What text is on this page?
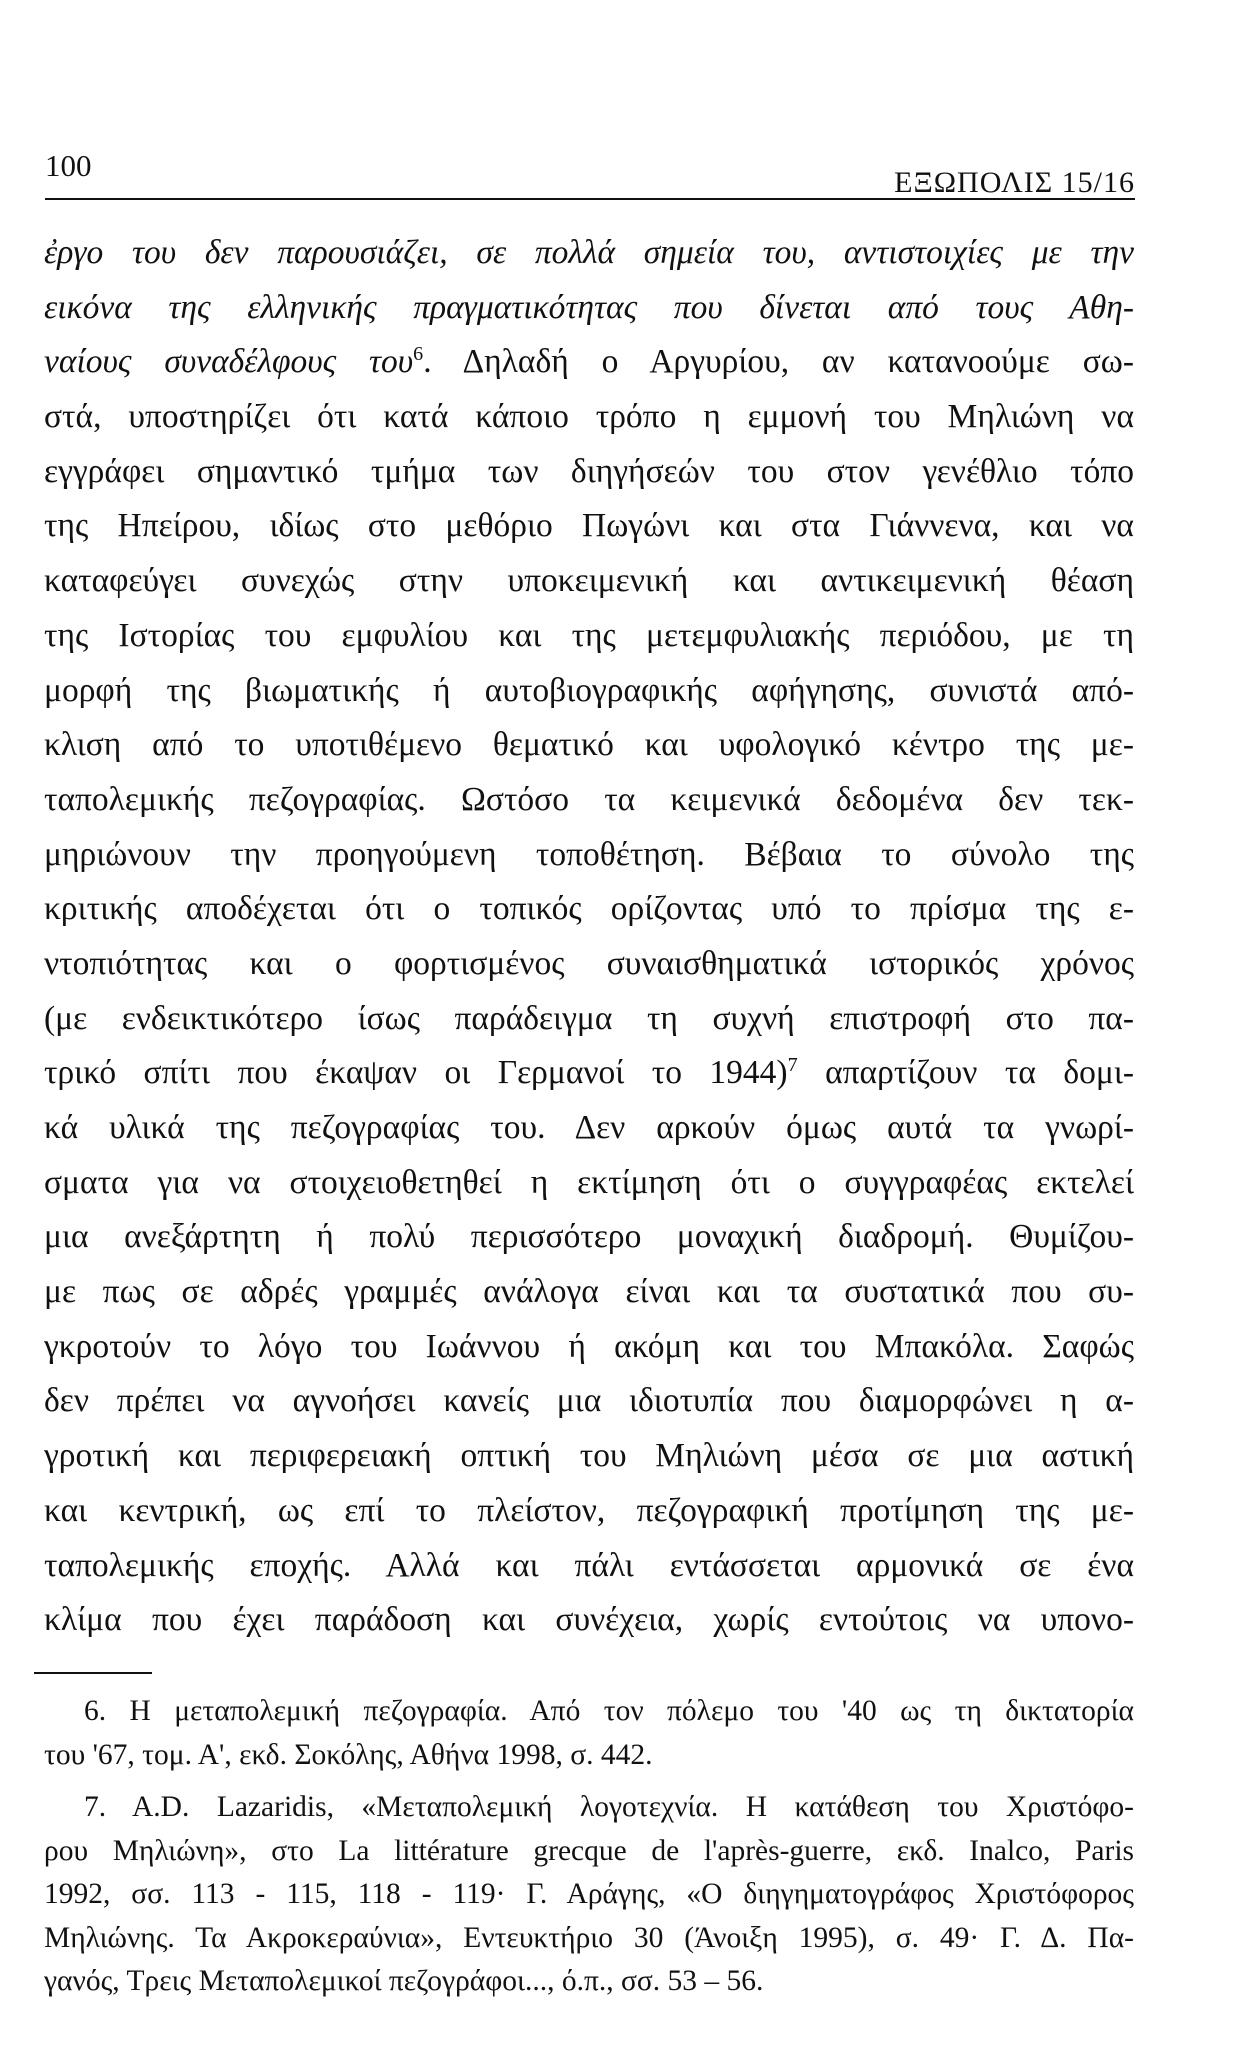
100	ΕΞΩΠΟΛΙΣ 15/16
ἐργο του δεν παρουσιάζει, σε πολλά σημεία του, αντιστοιχίες με την
εικόνα της ελληνικής πραγματικότητας που δίνεται από τους Αθη-
ναίους συναδέλφους του$^6$. Δηλαδή ο Αργυρίου, αν κατανοούμε σω-
στά, υποστηρίζει ότι κατά κάποιο τρόπο η εμμονή του Μηλιώνη να
εγγράφει σημαντικό τμήμα των διηγήσεών του στον γενέθλιο τόπο
της Ηπείρου, ιδίως στο μεθόριο Πωγώνι και στα Γιάννενα, και να
καταφεύγει συνεχώς στην υποκειμενική και αντικειμενική θέαση
της Ιστορίας του εμφυλίου και της μετεμφυλιακής περιόδου, με τη
μορφή της βιωματικής ή αυτοβιογραφικής αφήγησης, συνιστά από-
κλιση από το υποτιθέμενο θεματικό και υφολογικό κέντρο της με-
ταπολεμικής πεζογραφίας. Ωστόσο τα κειμενικά δεδομένα δεν τεκ-
μηριώνουν την προηγούμενη τοποθέτηση. Βέβαια το σύνολο της
κριτικής αποδέχεται ότι ο τοπικός ορίζοντας υπό το πρίσμα της ε-
ντοπιότητας και ο φορτισμένος συναισθηματικά ιστορικός χρόνος
(με ενδεικτικότερο ίσως παράδειγμα τη συχνή επιστροφή στο πα-
τρικό σπίτι που έκαψαν οι Γερμανοί το 1944)$^7$ απαρτίζουν τα δομι-
κά υλικά της πεζογραφίας του. Δεν αρκούν όμως αυτά τα γνωρί-
σματα για να στοιχειοθετηθεί η εκτίμηση ότι ο συγγραφέας εκτελεί
μια ανεξάρτητη ή πολύ περισσότερο μοναχική διαδρομή. Θυμίζου-
με πως σε αδρές γραμμές ανάλογα είναι και τα συστατικά που συ-
γκροτούν το λόγο του Ιωάννου ή ακόμη και του Μπακόλα. Σαφώς
δεν πρέπει να αγνοήσει κανείς μια ιδιοτυπία που διαμορφώνει η α-
γροτική και περιφερειακή οπτική του Μηλιώνη μέσα σε μια αστική
και κεντρική, ως επί το πλείστον, πεζογραφική προτίμηση της με-
ταπολεμικής εποχής. Αλλά και πάλι εντάσσεται αρμονικά σε ένα
κλίμα που έχει παράδοση και συνέχεια, χωρίς εντούτοις να υπονο-
6. Η μεταπολεμική πεζογραφία. Από τον πόλεμο του '40 ως τη δικτατορία
του '67, τομ. Α', εκδ. Σοκόλης, Αθήνα 1998, σ. 442.
7. A.D. Lazaridis, «Μεταπολεμική λογοτεχνία. Η κατάθεση του Χριστόφο-
ρου Μηλιώνη», στο La littérature grecque de l'après-guerre, εκδ. Inalco, Paris
1992, σσ. 113 - 115, 118 - 119· Γ. Αράγης, «Ο διηγηματογράφος Χριστόφορος
Μηλιώνης. Τα Ακροκεραύνια», Εντευκτήριο 30 (Άνοιξη 1995), σ. 49· Γ. Δ. Πα-
γανός, Τρεις Μεταπολεμικοί πεζογράφοι..., ό.π., σσ. 53 – 56.
